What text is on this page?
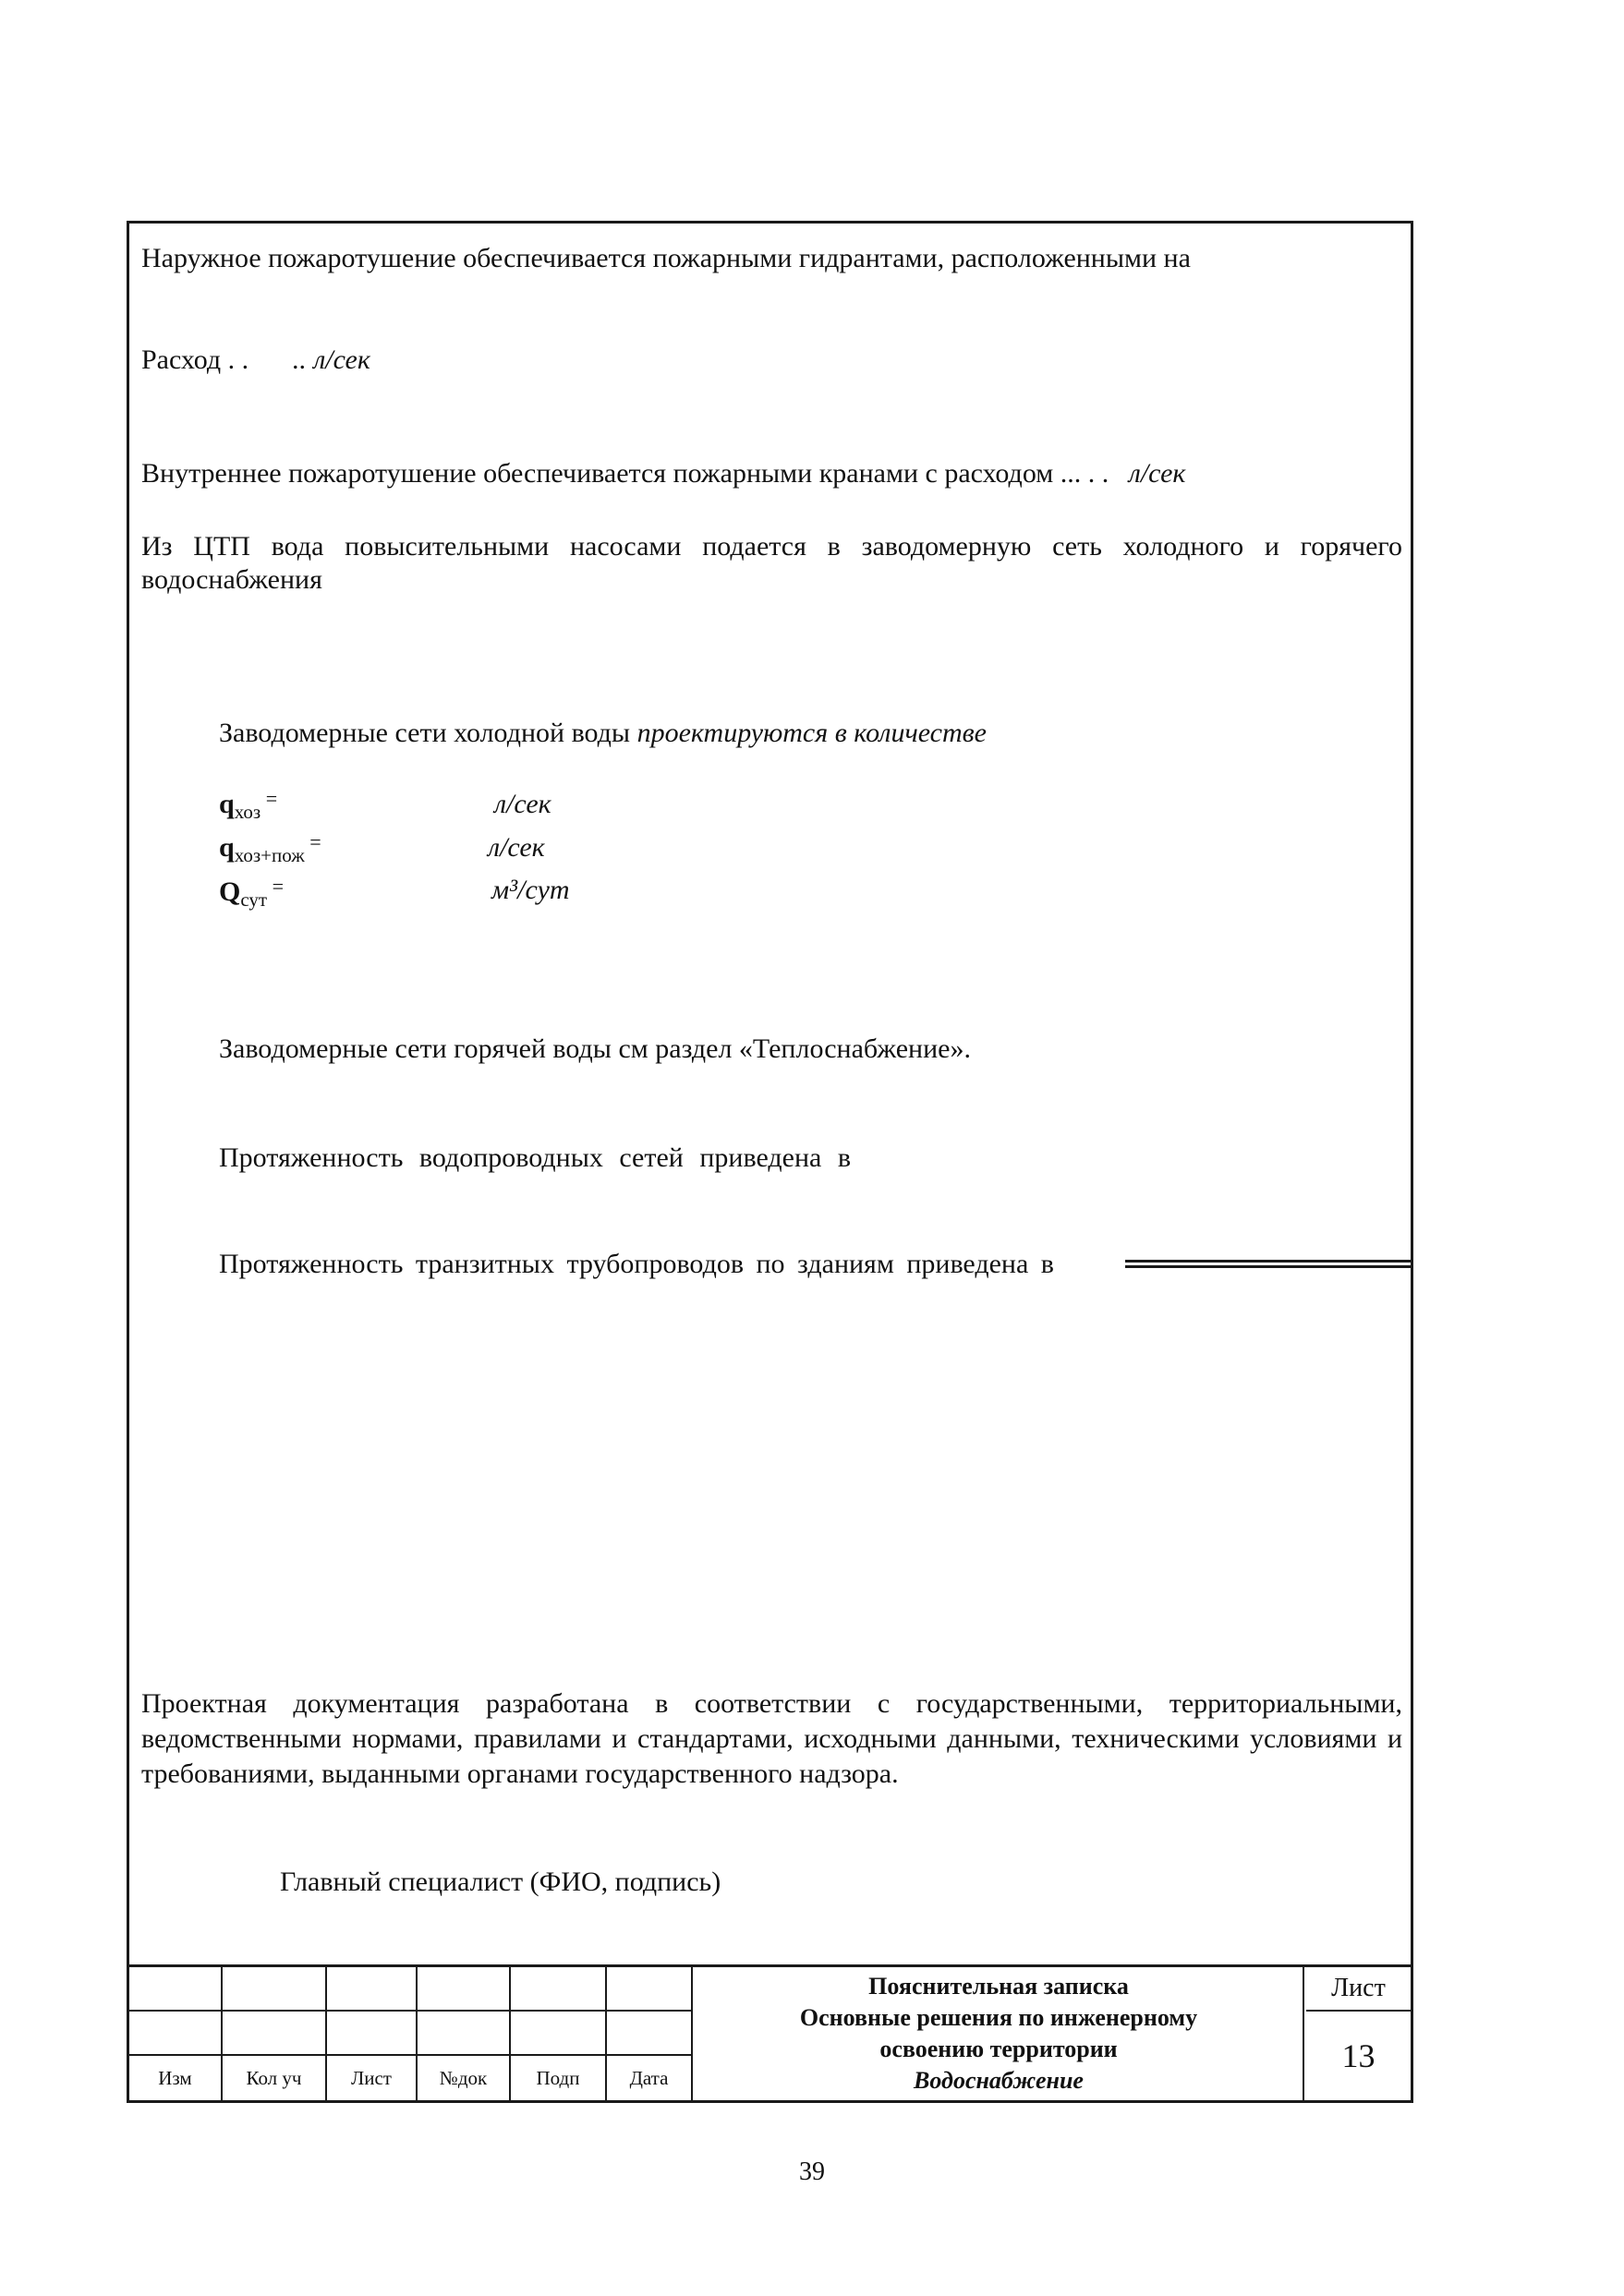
Наружное пожаротушение обеспечивается пожарными гидрантами, расположенными на
Расход . . .. л/сек
Внутреннее пожаротушение обеспечивается пожарными кранами с расходом ... . . л/сек
Из ЦТП вода повысительными насосами подается в заводомерную сеть холодного и горячего водоснабжения
Заводомерные сети холодной воды проектируются в количестве
$q_{хоз}$ =	л/сек
$q_{хоз+пож}$ =	л/сек
$Q_{сут}$ =	м³/сут
Заводомерные сети горячей воды см раздел «Теплоснабжение».
Протяженность водопроводных сетей приведена в
Протяженность транзитных трубопроводов по зданиям приведена в
Проектная документация разработана в соответствии с государственными, территориальными, ведомственными нормами, правилами и стандартами, исходными данными, техническими условиями и требованиями, выданными органами государственного надзора.
Главный специалист (ФИО, подпись)
Изм	Кол уч	Лист	№док	Подп	Дата
Пояснительная записка
Основные решения по инженерному
освоению территории
Водоснабжение
Лист
13
39
